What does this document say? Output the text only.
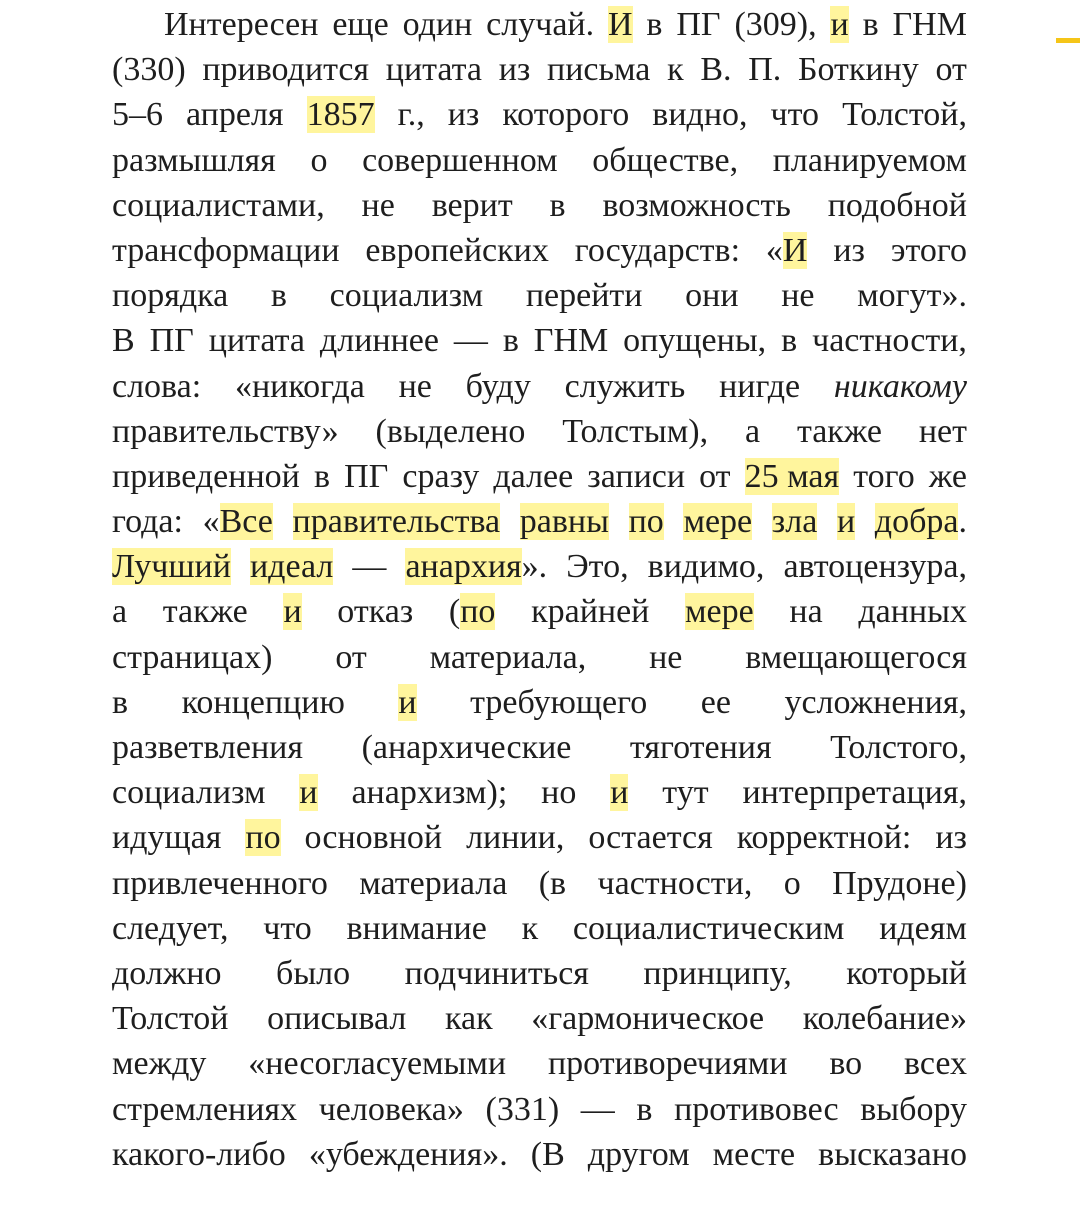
Интересен еще один случай. И в ПГ (309), и в ГНМ
(330) приводится цитата из письма к В. П. Боткину от
5–6 апреля 1857 г., из которого видно, что Толстой,
размышляя о совершенном обществе, планируемом
социалистами, не верит в возможность подобной
трансформации европейских государств: «И из этого
порядка в социализм перейти они не могут».
В ПГ цитата длиннее — в ГНМ опущены, в частности,
слова: «никогда не буду служить нигде никакому
правительству» (выделено Толстым), а также нет
приведенной в ПГ сразу далее записи от 25 мая того же
года: «Все правительства равны по мере зла и добра.
Лучший идеал — анархия». Это, видимо, автоцензура,
а также и отказ (по крайней мере на данных
страницах) от материала, не вмещающегося
в концепцию и требующего ее усложнения,
разветвления (анархические тяготения Толстого,
социализм и анархизм); но и тут интерпретация,
идущая по основной линии, остается корректной: из
привлеченного материала (в частности, о Прудоне)
следует, что внимание к социалистическим идеям
должно было подчиниться принципу, который
Толстой описывал как «гармоническое колебание»
между «несогласуемыми противоречиями во всех
стремлениях человека» (331) — в противовес выбору
какого-либо «убеждения». (В другом месте высказано
